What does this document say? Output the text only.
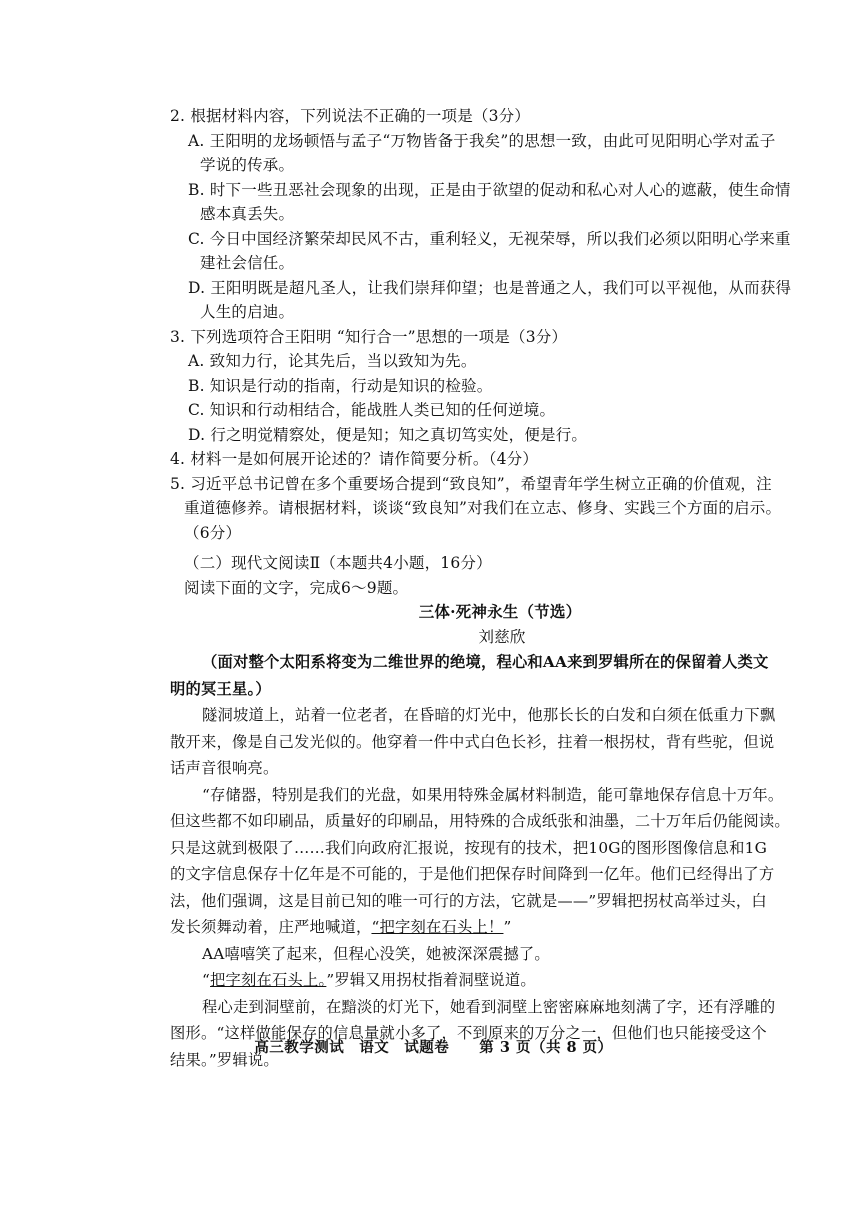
2. 根据材料内容，下列说法不正确的一项是（3分）
A. 王阳明的龙场顿悟与孟子“万物皆备于我矣”的思想一致，由此可见阳明心学对孟子
学说的传承。
B. 时下一些丑恶社会现象的出现，正是由于欲望的促动和私心对人心的遮蔽，使生命情
感本真丢失。
C. 今日中国经济繁荣却民风不古，重利轻义，无视荣辱，所以我们必须以阳明心学来重
建社会信任。
D. 王阳明既是超凡圣人，让我们崇拜仰望；也是普通之人，我们可以平视他，从而获得
人生的启迪。
3. 下列选项符合王阳明 “知行合一”思想的一项是（3分）
A. 致知力行，论其先后，当以致知为先。
B. 知识是行动的指南，行动是知识的检验。
C. 知识和行动相结合，能战胜人类已知的任何逆境。
D. 行之明觉精察处，便是知；知之真切笃实处，便是行。
4. 材料一是如何展开论述的？请作简要分析。（4分）
5. 习近平总书记曾在多个重要场合提到“致良知”，希望青年学生树立正确的价值观，注
重道德修养。请根据材料，谈谈“致良知”对我们在立志、修身、实践三个方面的启示。
（6分）
（二）现代文阅读Ⅱ（本题共4小题，16分）
阅读下面的文字，完成6～9题。
三体·死神永生（节选）
刘慈欣
（面对整个太阳系将变为二维世界的绝境，程心和AA来到罗辑所在的保留着人类文
明的冥王星。）
隧洞坡道上，站着一位老者，在昏暗的灯光中，他那长长的白发和白须在低重力下飘
散开来，像是自己发光似的。他穿着一件中式白色长衫，拄着一根拐杖，背有些驼，但说
话声音很响亮。
“存储器，特别是我们的光盘，如果用特殊金属材料制造，能可靠地保存信息十万年。
但这些都不如印刷品，质量好的印刷品，用特殊的合成纸张和油墨，二十万年后仍能阅读。
只是这就到极限了……我们向政府汇报说，按现有的技术，把10G的图形图像信息和1G
的文字信息保存十亿年是不可能的，于是他们把保存时间降到一亿年。他们已经得出了方
法，他们强调，这是目前已知的唯一可行的方法，它就是——”罗辑把拐杖高举过头，白
发长须舞动着，庄严地喊道，“把字刻在石头上！”
AA嘻嘻笑了起来，但程心没笑，她被深深震撼了。
“把字刻在石头上。”罗辑又用拐杖指着洞壁说道。
程心走到洞壁前，在黯淡的灯光下，她看到洞壁上密密麻麻地刻满了字，还有浮雕的
图形。“这样做能保存的信息量就小多了，不到原来的万分之一，但他们也只能接受这个
结果。”罗辑说。
高三教学测试　语文　试题卷　　第 3 页（共 8 页）
